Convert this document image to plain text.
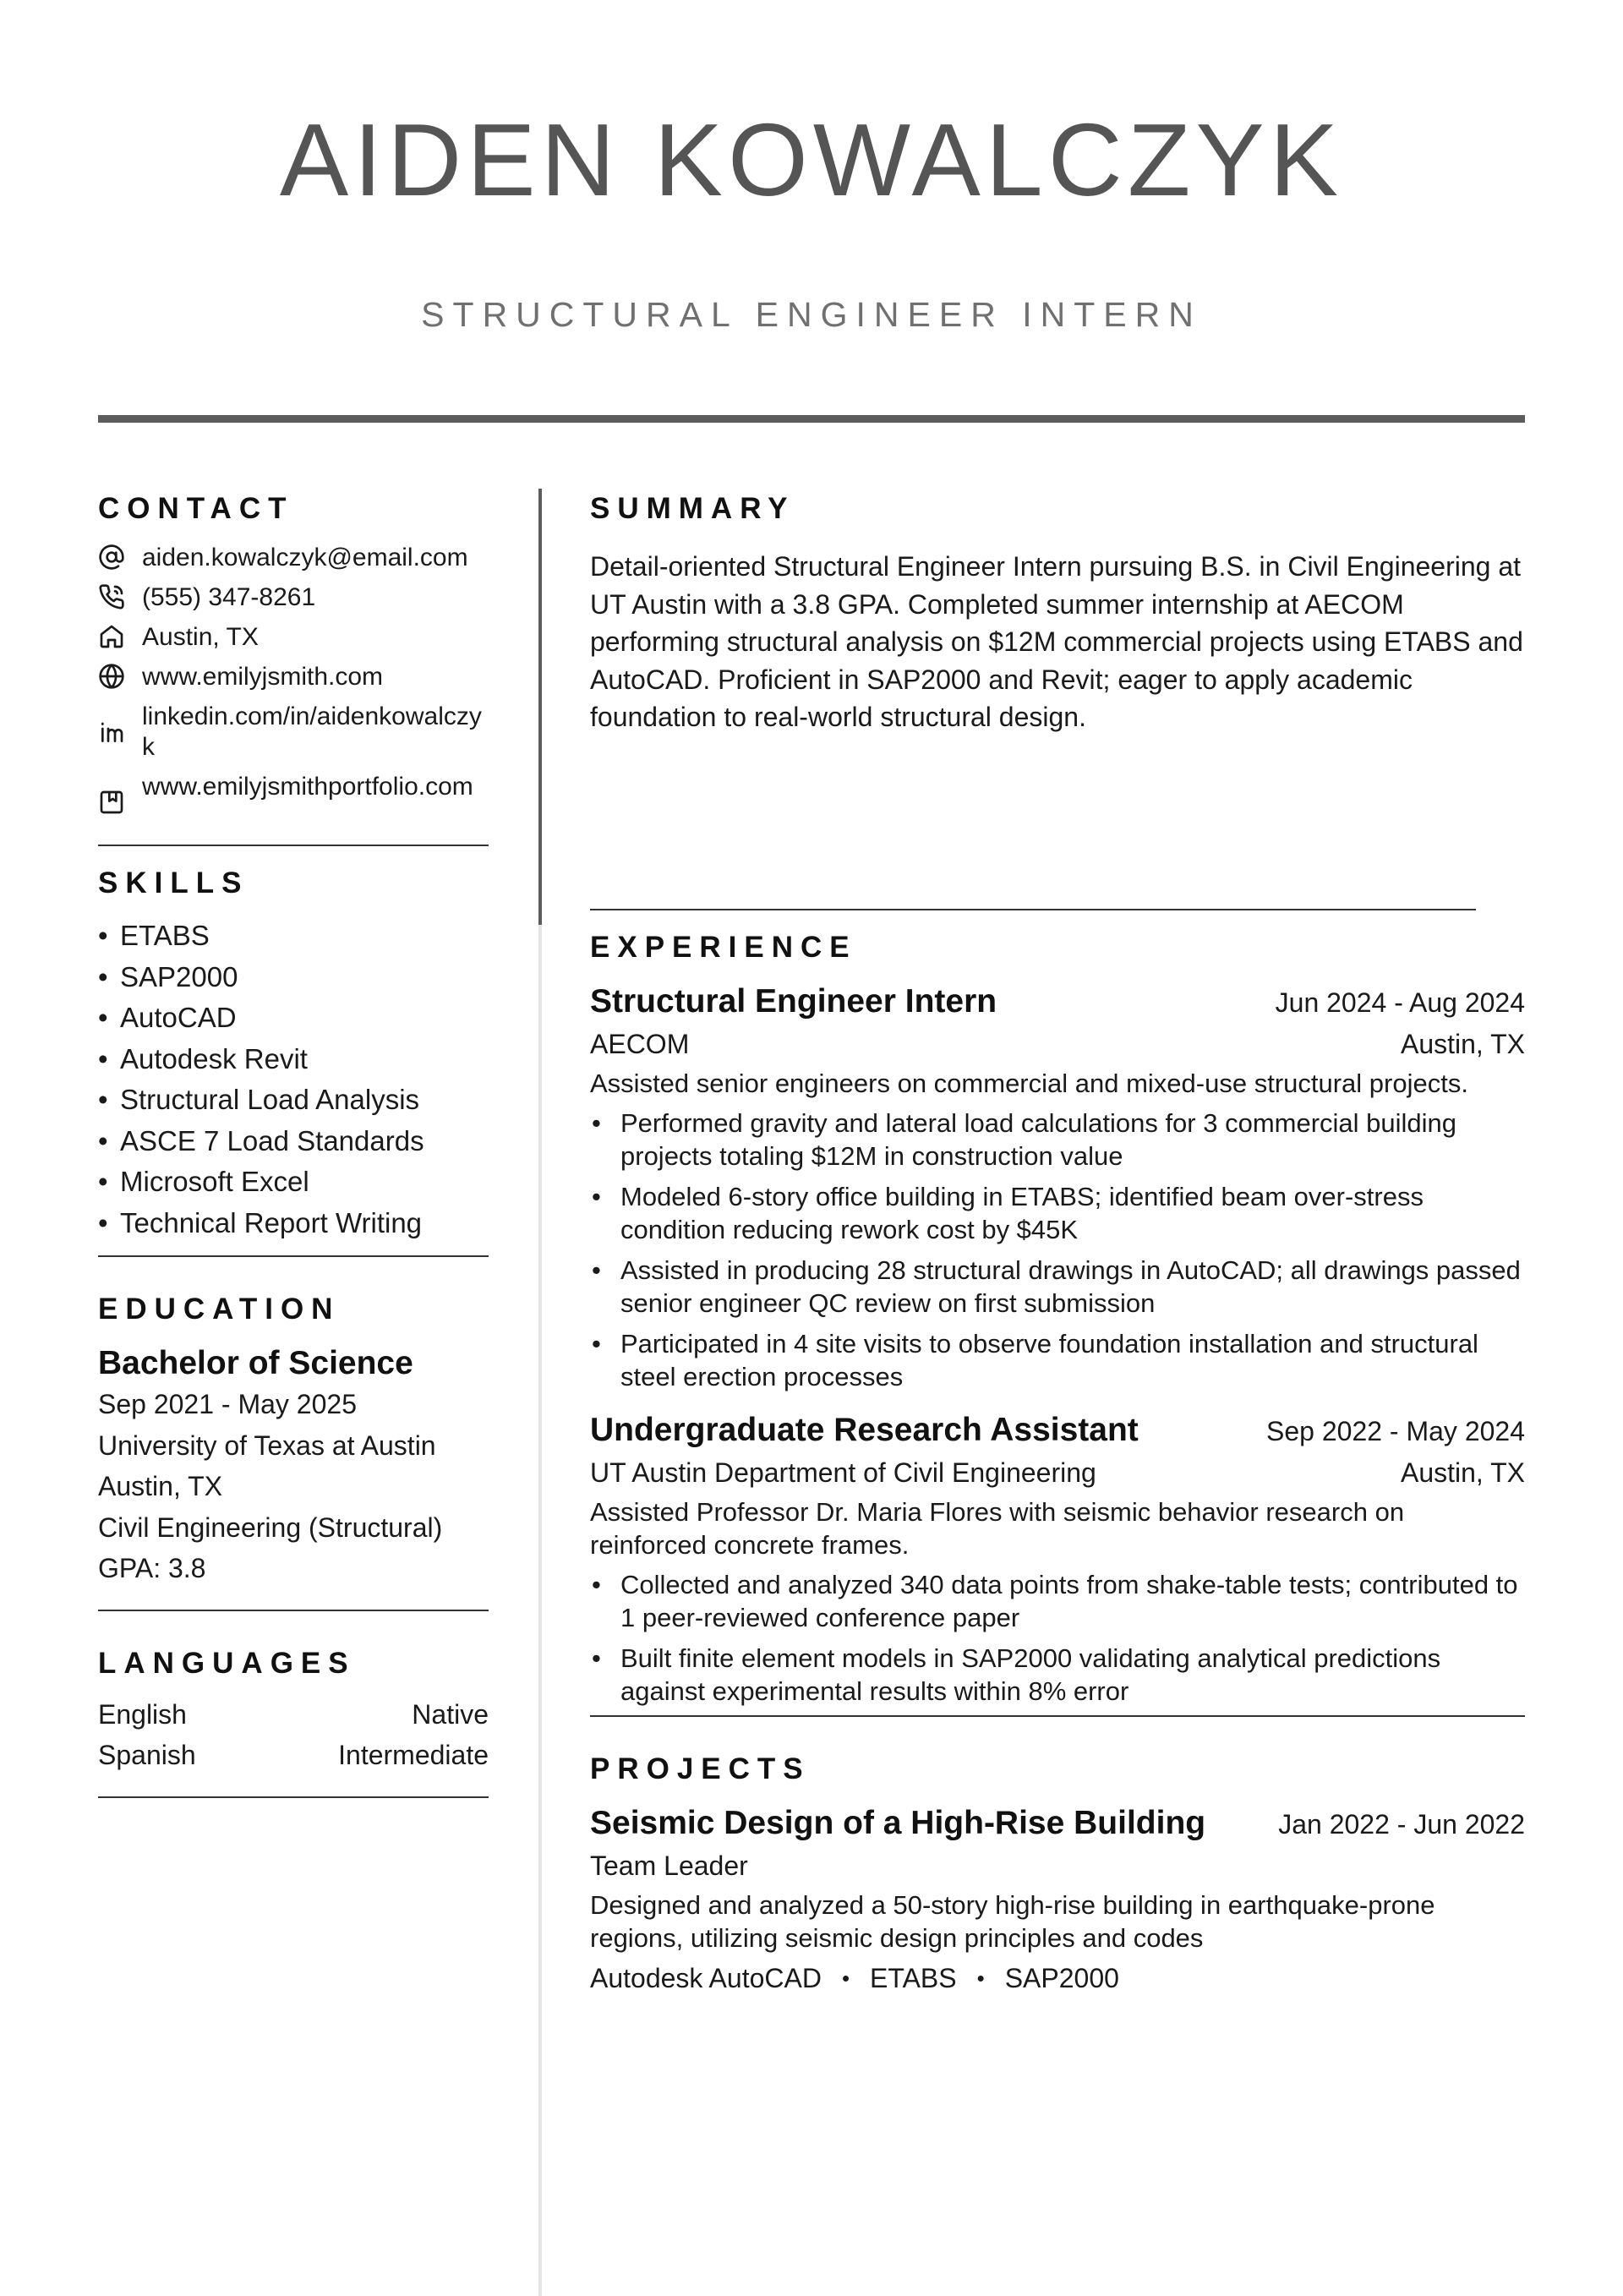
AIDEN KOWALCZYK
STRUCTURAL ENGINEER INTERN
CONTACT
aiden.kowalczyk@email.com
(555) 347-8261
Austin, TX
www.emilyjsmith.com
linkedin.com/in/aidenkowalczyk
www.emilyjsmithportfolio.com
SKILLS
• ETABS
• SAP2000
• AutoCAD
• Autodesk Revit
• Structural Load Analysis
• ASCE 7 Load Standards
• Microsoft Excel
• Technical Report Writing
EDUCATION
Bachelor of Science
Sep 2021 - May 2025
University of Texas at Austin
Austin, TX
Civil Engineering (Structural)
GPA: 3.8
LANGUAGES
English	Native
Spanish	Intermediate
SUMMARY

Detail-oriented Structural Engineer Intern pursuing B.S. in Civil Engineering at UT Austin with a 3.8 GPA. Completed summer internship at AECOM performing structural analysis on $12M commercial projects using ETABS and AutoCAD. Proficient in SAP2000 and Revit; eager to apply academic foundation to real-world structural design.

EXPERIENCE
Structural Engineer Intern	Jun 2024 - Aug 2024
AECOM	Austin, TX
Assisted senior engineers on commercial and mixed-use structural projects.
• Performed gravity and lateral load calculations for 3 commercial building projects totaling $12M in construction value
• Modeled 6-story office building in ETABS; identified beam over-stress condition reducing rework cost by $45K
• Assisted in producing 28 structural drawings in AutoCAD; all drawings passed senior engineer QC review on first submission
• Participated in 4 site visits to observe foundation installation and structural steel erection processes
Undergraduate Research Assistant	Sep 2022 - May 2024
UT Austin Department of Civil Engineering	Austin, TX
Assisted Professor Dr. Maria Flores with seismic behavior research on reinforced concrete frames.
• Collected and analyzed 340 data points from shake-table tests; contributed to 1 peer-reviewed conference paper
• Built finite element models in SAP2000 validating analytical predictions against experimental results within 8% error
PROJECTS
Seismic Design of a High-Rise Building	Jan 2022 - Jun 2022
Team Leader
Designed and analyzed a 50-story high-rise building in earthquake-prone regions, utilizing seismic design principles and codes
Autodesk AutoCAD • ETABS • SAP2000
